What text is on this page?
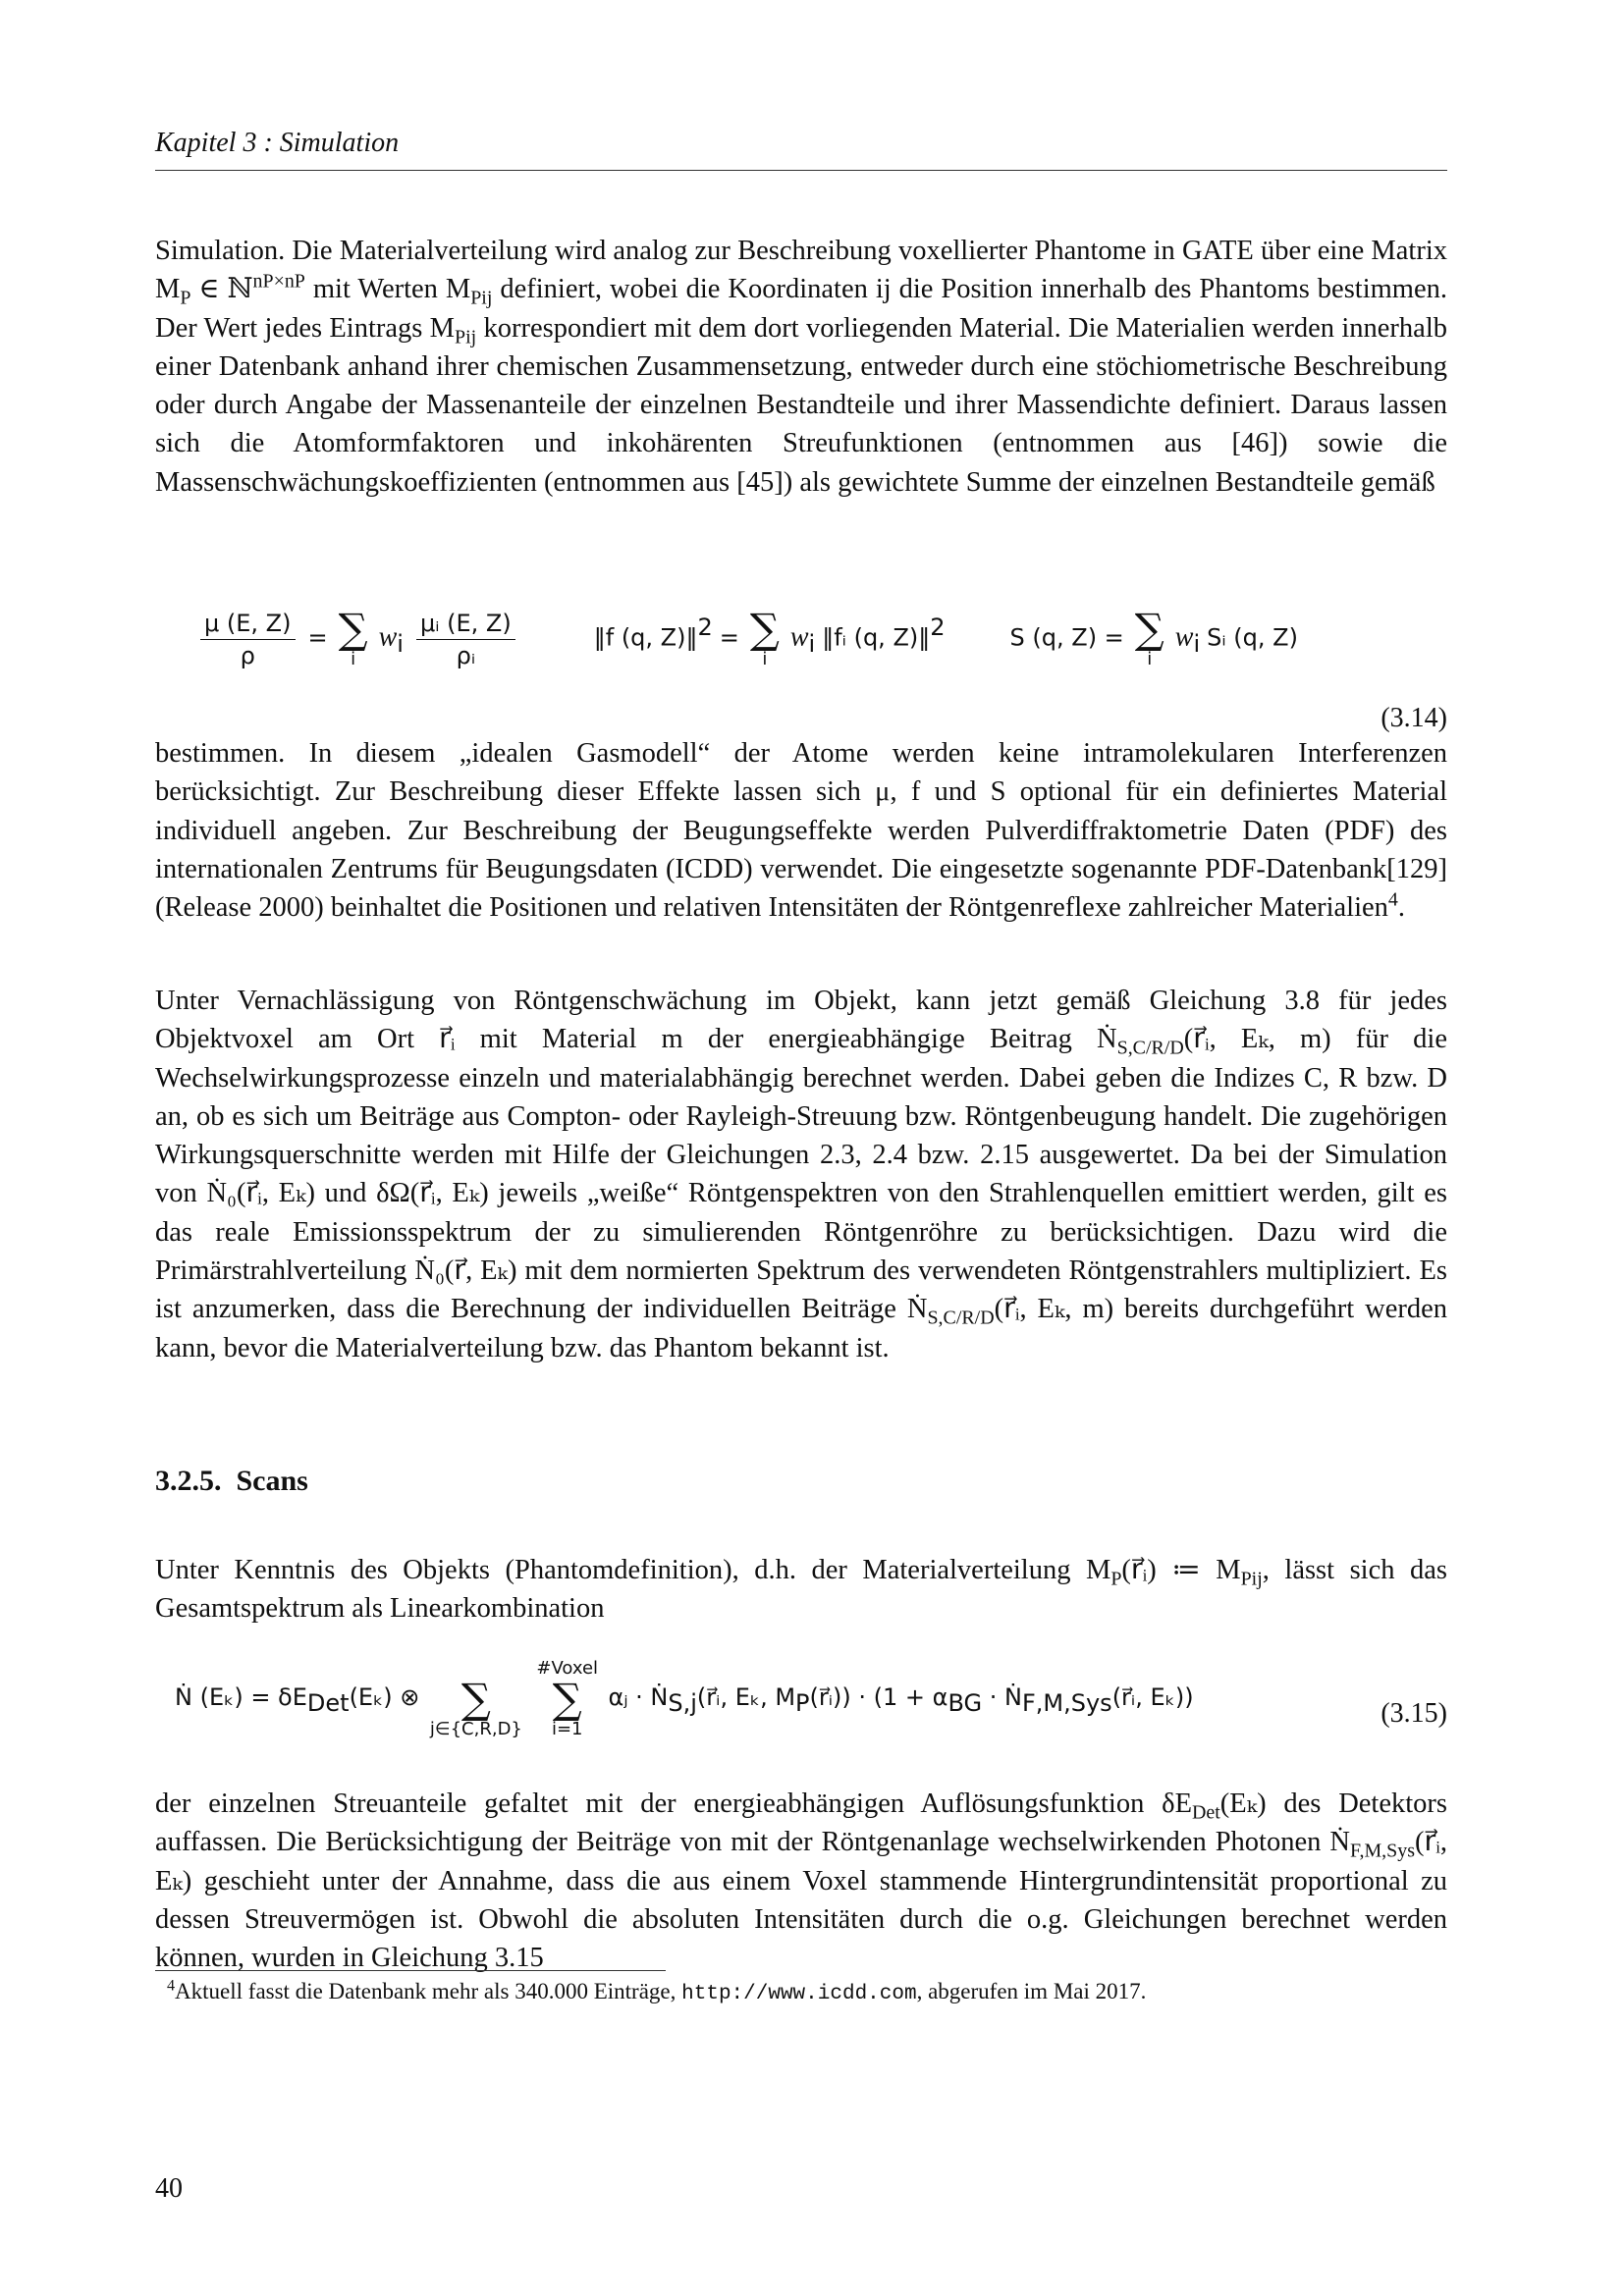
Kapitel 3 : Simulation

Simulation. Die Materialverteilung wird analog zur Beschreibung voxellierter Phantome in GATE über eine Matrix $M_P$ ∈ ℕ$^{nP\times nP}$ mit Werten $M_{Pij}$ definiert, wobei die Koordinaten ij die Position innerhalb des Phantoms bestimmen. Der Wert jedes Eintrags $M_{Pij}$ korrespondiert mit dem dort vorliegenden Material. Die Materialien werden innerhalb einer Datenbank anhand ihrer chemischen Zusammensetzung, entweder durch eine stöchiometrische Beschreibung oder durch Angabe der Massenanteile der einzelnen Bestandteile und ihrer Massendichte definiert. Daraus lassen sich die Atomformfaktoren und inkohärenten Streufunktionen (entnommen aus [46]) sowie die Massenschwächungskoeffizienten (entnommen aus [45]) als gewichtete Summe der einzelnen Bestandteile gemäß

$\frac{\mu (E, Z)}{\rho}$ = ∑
i
$w_i \frac{\text{μᵢ (E, Z)}}{\text{ρᵢ}}$	‖f (q, Z)‖$^2$ = ∑
i
$w_i$ ‖fᵢ (q, Z)‖$^2$	S (q, Z) = ∑
i
$w_i$ Sᵢ (q, Z)
(3.14)

bestimmen. In diesem „idealen Gasmodell“ der Atome werden keine intramolekularen Interferenzen berücksichtigt. Zur Beschreibung dieser Effekte lassen sich μ, f und S optional für ein definiertes Material individuell angeben. Zur Beschreibung der Beugungseffekte werden Pulverdiffraktometrie Daten (PDF) des internationalen Zentrums für Beugungsdaten (ICDD) verwendet. Die eingesetzte sogenannte PDF-Datenbank[129] (Release 2000) beinhaltet die Positionen und relativen Intensitäten der Röntgenreflexe zahlreicher Materialien$^4$.

Unter Vernachlässigung von Röntgenschwächung im Objekt, kann jetzt gemäß Gleichung 3.8 für jedes Objektvoxel am Ort r⃗ᵢ mit Material m der energieabhängige Beitrag Ṅ$_{S,C/R/D}$(r⃗ᵢ, Eₖ, m) für die Wechselwirkungsprozesse einzeln und materialabhängig berechnet werden. Dabei geben die Indizes C, R bzw. D an, ob es sich um Beiträge aus Compton- oder Rayleigh-Streuung bzw. Röntgenbeugung handelt. Die zugehörigen Wirkungsquerschnitte werden mit Hilfe der Gleichungen 2.3, 2.4 bzw. 2.15 ausgewertet. Da bei der Simulation von Ṅ₀(r⃗ᵢ, Eₖ) und δΩ(r⃗ᵢ, Eₖ) jeweils „weiße“ Röntgenspektren von den Strahlenquellen emittiert werden, gilt es das reale Emissionsspektrum der zu simulierenden Röntgenröhre zu berücksichtigen. Dazu wird die Primärstrahlverteilung Ṅ₀(r⃗, Eₖ) mit dem normierten Spektrum des verwendeten Röntgenstrahlers multipliziert. Es ist anzumerken, dass die Berechnung der individuellen Beiträge Ṅ$_{S,C/R/D}$(r⃗ᵢ, Eₖ, m) bereits durchgeführt werden kann, bevor die Materialverteilung bzw. das Phantom bekannt ist.

3.2.5. Scans

Unter Kenntnis des Objekts (Phantomdefinition), d.h. der Materialverteilung $M_P(r⃗ᵢ)$ ≔ $M_{Pij}$, lässt sich das Gesamtspektrum als Linearkombination

Ṅ $(E_k) = \delta E_{Det}(E_k)$ ⊗
	∑
j∈{C,R,D}

#Voxel
∑
i=1
αⱼ · Ṅ$_{S,j}$(r⃗ᵢ, Eₖ, $M_P(r⃗ᵢ)) \cdot (1 + \alpha_{BG}$ · Ṅ$_{F,M,Sys}$(r⃗ᵢ, Eₖ))
(3.15)

der einzelnen Streuanteile gefaltet mit der energieabhängigen Auflösungsfunktion $\delta E_{Det}(E_k)$ des Detektors auffassen. Die Berücksichtigung der Beiträge von mit der Röntgenanlage wechselwirkenden Photonen Ṅ$_{F,M,Sys}$(r⃗ᵢ, Eₖ) geschieht unter der Annahme, dass die aus einem Voxel stammende Hintergrundintensität proportional zu dessen Streuvermögen ist. Obwohl die absoluten Intensitäten durch die o.g. Gleichungen berechnet werden können, wurden in Gleichung 3.15

$^4$Aktuell fasst die Datenbank mehr als 340.000 Einträge, http://www.icdd.com, abgerufen im Mai 2017.
40
